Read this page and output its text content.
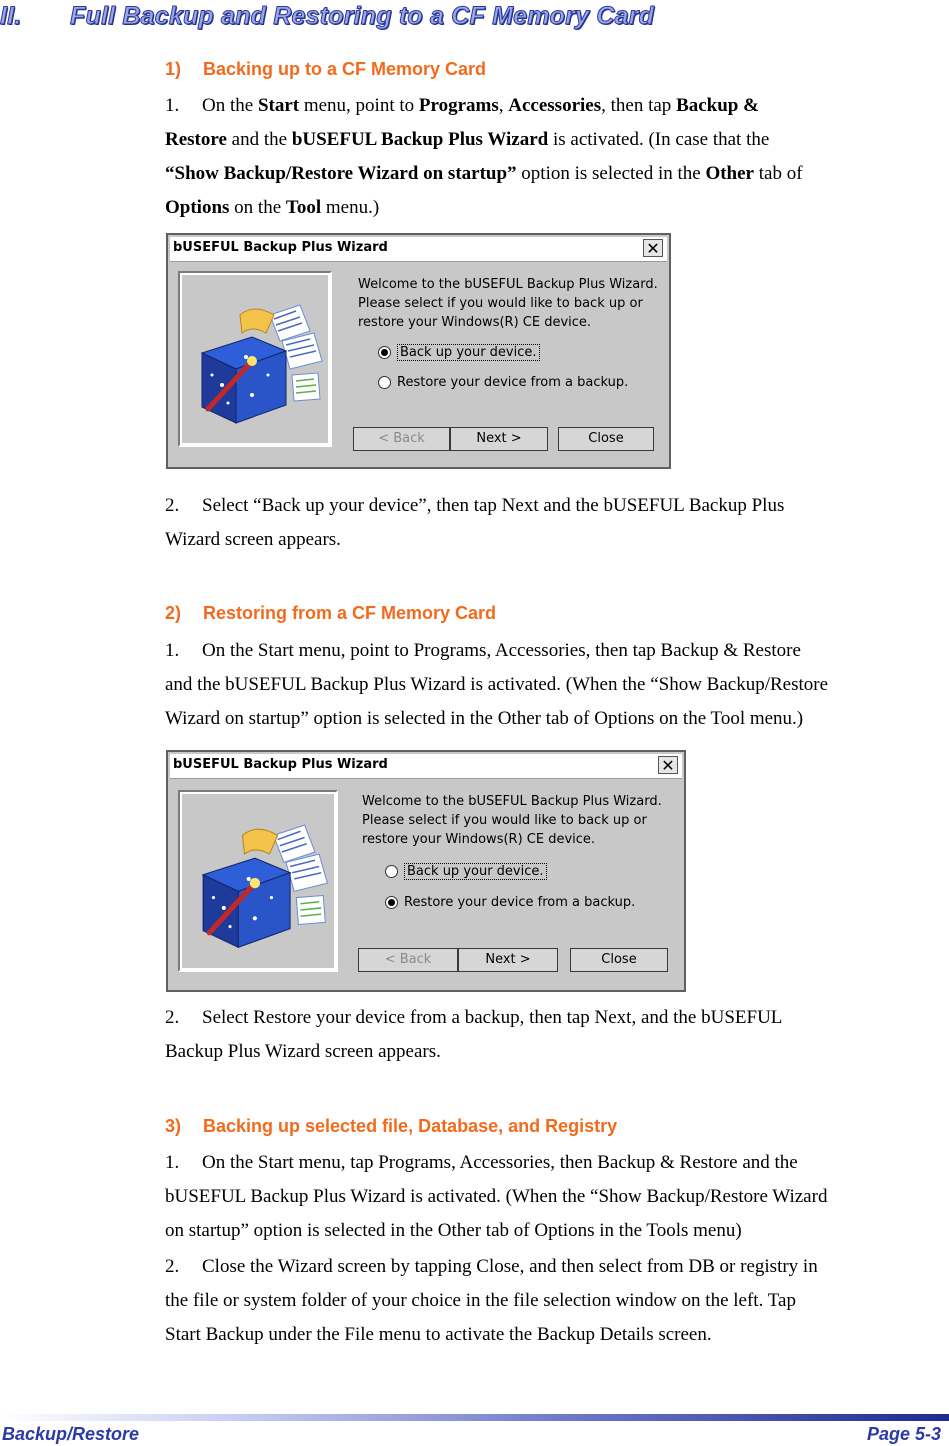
II. Full Backup and Restoring to a CF Memory Card
1) Backing up to a CF Memory Card
1. On the Start menu, point to Programs, Accessories, then tap Backup &
Restore and the bUSEFUL Backup Plus Wizard is activated. (In case that the
“Show Backup/Restore Wizard on startup” option is selected in the Other tab of
Options on the Tool menu.)
bUSEFUL Backup Plus Wizard	✕
Welcome to the bUSEFUL Backup Plus Wizard.
Please select if you would like to back up or
restore your Windows(R) CE device.
Back up your device.
Restore your device from a backup.
< Back	Next >	Close
2. Select “Back up your device”, then tap Next and the bUSEFUL Backup Plus
Wizard screen appears.
2) Restoring from a CF Memory Card
1. On the Start menu, point to Programs, Accessories, then tap Backup & Restore
and the bUSEFUL Backup Plus Wizard is activated. (When the “Show Backup/Restore
Wizard on startup” option is selected in the Other tab of Options on the Tool menu.)
bUSEFUL Backup Plus Wizard	✕
Welcome to the bUSEFUL Backup Plus Wizard.
Please select if you would like to back up or
restore your Windows(R) CE device.
Back up your device.
Restore your device from a backup.
< Back	Next >	Close
2. Select Restore your device from a backup, then tap Next, and the bUSEFUL
Backup Plus Wizard screen appears.
3) Backing up selected file, Database, and Registry
1. On the Start menu, tap Programs, Accessories, then Backup & Restore and the
bUSEFUL Backup Plus Wizard is activated. (When the “Show Backup/Restore Wizard
on startup” option is selected in the Other tab of Options in the Tools menu)
2. Close the Wizard screen by tapping Close, and then select from DB or registry in
the file or system folder of your choice in the file selection window on the left. Tap
Start Backup under the File menu to activate the Backup Details screen.
Backup/Restore	Page 5-3
